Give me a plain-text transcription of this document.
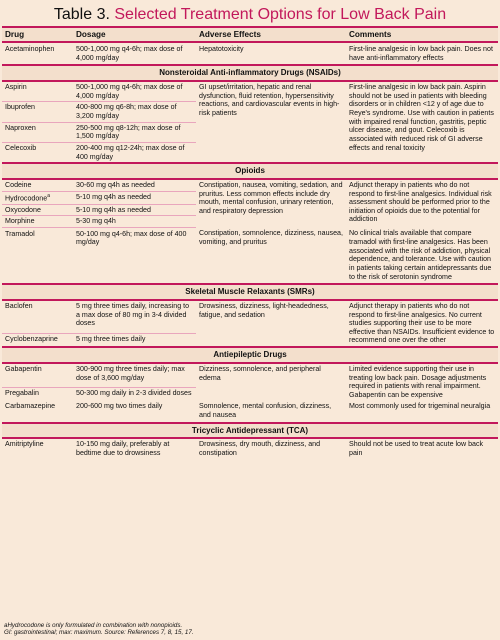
Table 3. Selected Treatment Options for Low Back Pain
Drug	Dosage	Adverse Effects	Comments
Acetaminophen	500-1,000 mg q4-6h; max dose of 4,000 mg/day	Hepatotoxicity	First-line analgesic in low back pain. Does not have anti-inflammatory effects
Nonsteroidal Anti-inflammatory Drugs (NSAIDs)			
Aspirin	500-1,000 mg q4-6h; max dose of 4,000 mg/day	GI upset/irritation, hepatic and renal dysfunction, fluid retention, hypersensitivity reactions, and cardiovascular events in high-risk patients	First-line analgesic in low back pain. Aspirin should not be used in patients with bleeding disorders or in children <12 y of age due to Reye's syndrome. Use with caution in patients with impaired renal function, gastritis, peptic ulcer disease, and gout. Celecoxib is associated with reduced risk of GI adverse effects and renal toxicity
Ibuprofen	400-800 mg q6-8h; max dose of 3,200 mg/day		
Naproxen	250-500 mg q8-12h; max dose of 1,500 mg/day		
Celecoxib	200-400 mg q12-24h; max dose of 400 mg/day		
Opioids			
Codeine	30-60 mg q4h as needed	Constipation, nausea, vomiting, sedation, and pruritus. Less common effects include dry mouth, mental confusion, urinary retention, and respiratory depression	Adjunct therapy in patients who do not respond to first-line analgesics. Individual risk assessment should be performed prior to the initiation of opioids due to the potential for addiction
Hydrocodone$^a$	5-10 mg q4h as needed		
Oxycodone	5-10 mg q4h as needed		
Morphine	5-30 mg q4h		
Tramadol	50-100 mg q4-6h; max dose of 400 mg/day	Constipation, somnolence, dizziness, nausea, vomiting, and pruritus	No clinical trials available that compare tramadol with first-line analgesics. Has been associated with the risk of addiction, physical dependence, and tolerance. Use with caution in patients taking certain antidepressants due to the risk of serotonin syndrome
Skeletal Muscle Relaxants (SMRs)			
Baclofen	5 mg three times daily, increasing to a max dose of 80 mg in 3-4 divided doses	Drowsiness, dizziness, light-headedness, fatigue, and sedation	Adjunct therapy in patients who do not respond to first-line analgesics. No current studies supporting their use to be more effective than NSAIDs. Insufficient evidence to recommend one over the other
Cyclobenzaprine	5 mg three times daily		
Antiepileptic Drugs			
Gabapentin	300-900 mg three times daily; max dose of 3,600 mg/day	Dizziness, somnolence, and peripheral edema	Limited evidence supporting their use in treating low back pain. Dosage adjustments required in patients with renal impairment. Gabapentin can be expensive
Pregabalin	50-300 mg daily in 2-3 divided doses		
Carbamazepine	200-600 mg two times daily	Somnolence, mental confusion, dizziness, and nausea	Most commonly used for trigeminal neuralgia
Tricyclic Antidepressant (TCA)			
Amitriptyline	10-150 mg daily, preferably at bedtime due to drowsiness	Drowsiness, dry mouth, dizziness, and constipation	Should not be used to treat acute low back pain
aHydrocodone is only formulated in combination with nonopioids.
GI: gastrointestinal; max: maximum. Source: References 7, 8, 15, 17.
